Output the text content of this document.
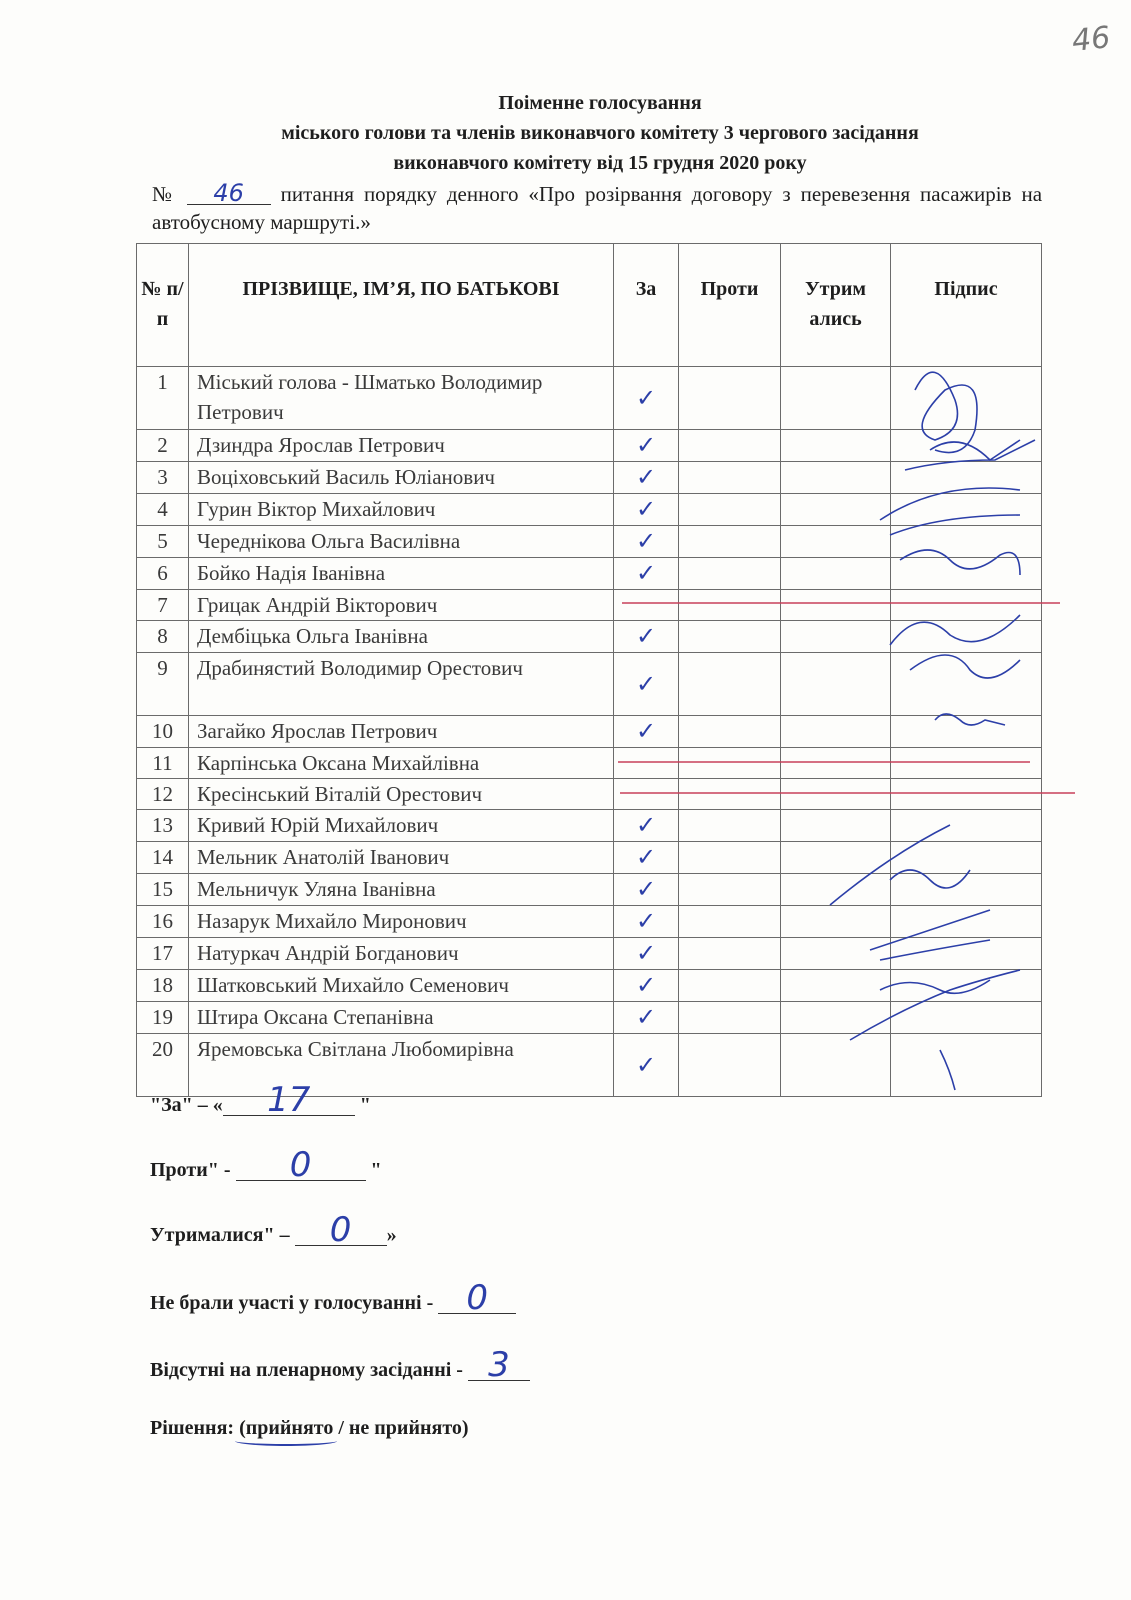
46
Поіменне голосування
міського голови та членів виконавчого комітету 3 чергового засідання
виконавчого комітету від 15 грудня 2020 року
№ 46 питання порядку денного «Про розірвання договору з перевезення пасажирів на автобусному маршруті.»
№ п/п	ПРІЗВИЩЕ, ІМ’Я, ПО БАТЬКОВІ	За	Проти	Утрим ались	Підпис
1	Міський голова - Шматько Володимир Петрович	✓			
2	Дзиндра Ярослав Петрович	✓			
3	Воціховський Василь Юліанович	✓			
4	Гурин Віктор Михайлович	✓			
5	Череднікова Ольга Василівна	✓			
6	Бойко Надія Іванівна	✓			
7	Грицак Андрій Вікторович				
8	Дембіцька Ольга Іванівна	✓			
9	Драбинястий Володимир Орестович	✓			
10	Загайко Ярослав Петрович	✓			
11	Карпінська Оксана Михайлівна				
12	Кресінський Віталій Орестович				
13	Кривий Юрій Михайлович	✓			
14	Мельник Анатолій Іванович	✓			
15	Мельничук Уляна Іванівна	✓			
16	Назарук Михайло Миронович	✓			
17	Натуркач Андрій Богданович	✓			
18	Шатковський Михайло Семенович	✓			
19	Штира Оксана Степанівна	✓			
20	Яремовська Світлана Любомирівна	✓			
"За" – « 17 "
Проти" - 0	"
Утрималися" – 0 »
Не брали участі у голосуванні - 0
Відсутні на пленарному засіданні - 3
Рішення: (прийнято / не прийнято)
